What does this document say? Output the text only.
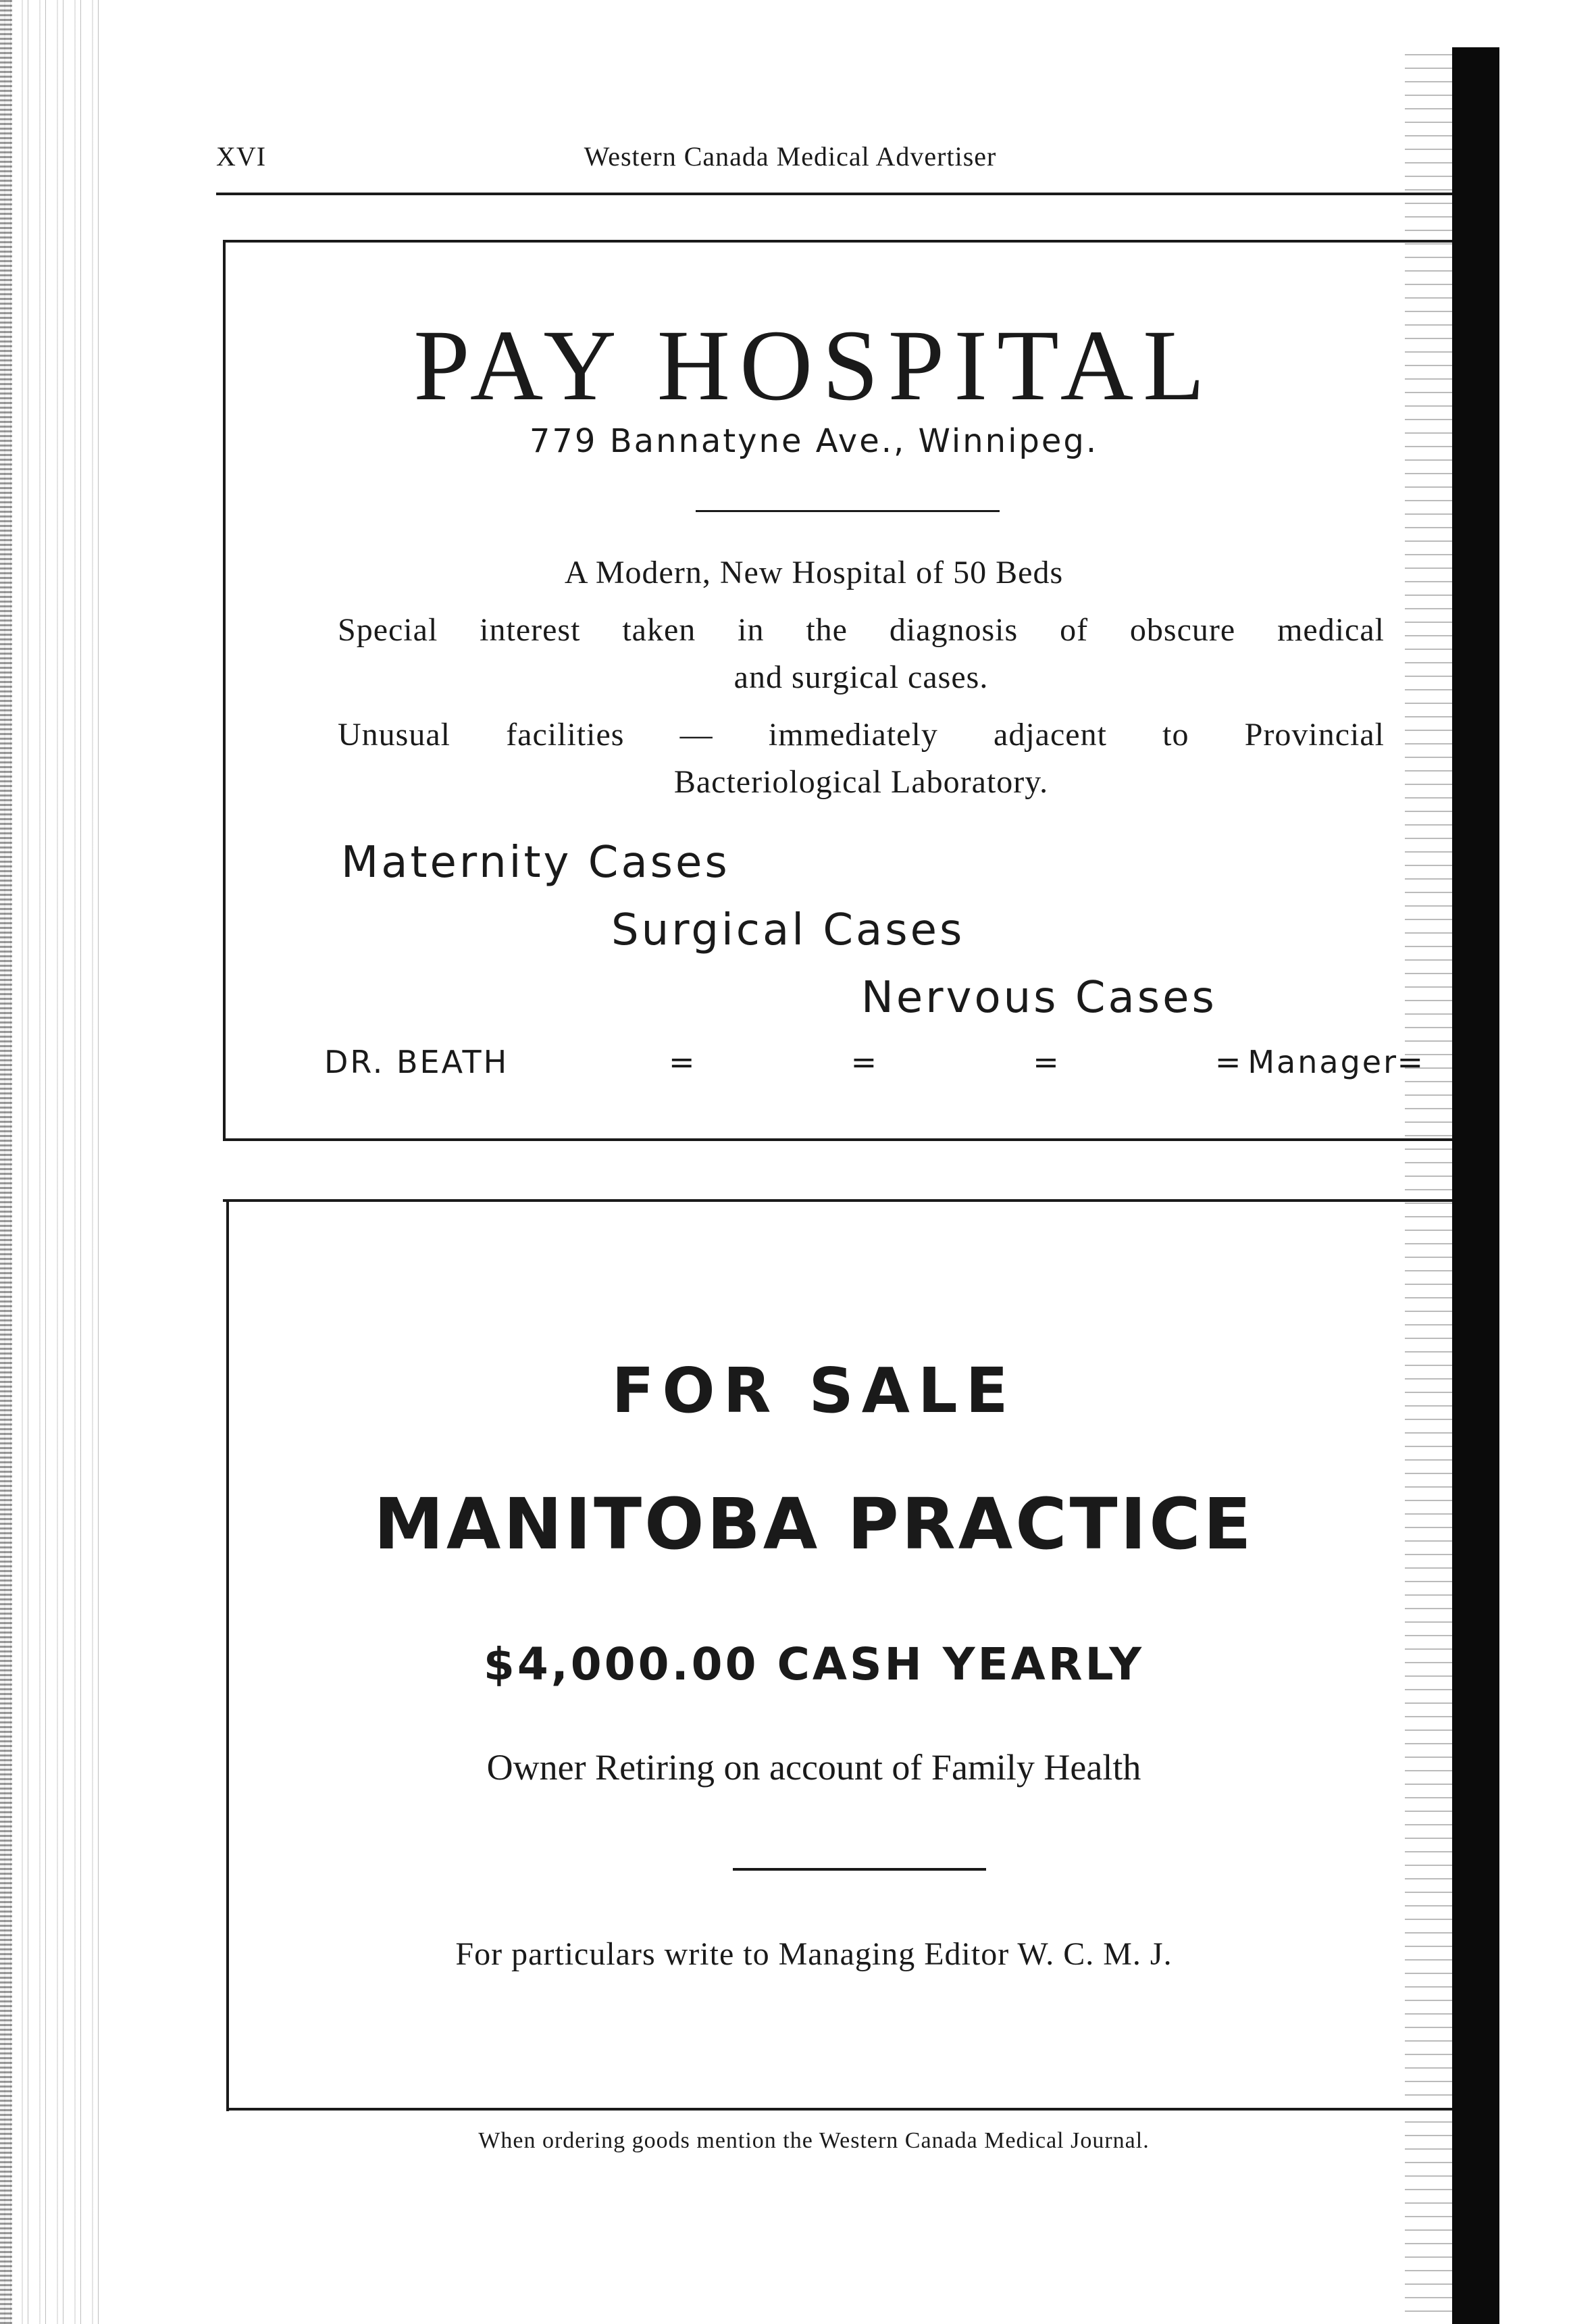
XVI	Western Canada Medical Advertiser
PAY HOSPITAL
779 Bannatyne Ave., Winnipeg.
A Modern, New Hospital of 50 Beds
Special interest taken in the diagnosis of obscure medical
and surgical cases.
Unusual facilities — immediately adjacent to Provincial
Bacteriological Laboratory.
Maternity Cases
Surgical Cases
Nervous Cases
DR. BEATH	=	=	=	=	=
Manager
FOR SALE
MANITOBA PRACTICE
$4,000.00 CASH YEARLY
Owner Retiring on account of Family Health
For particulars write to Managing Editor W. C. M. J.
When ordering goods mention the Western Canada Medical Journal.
